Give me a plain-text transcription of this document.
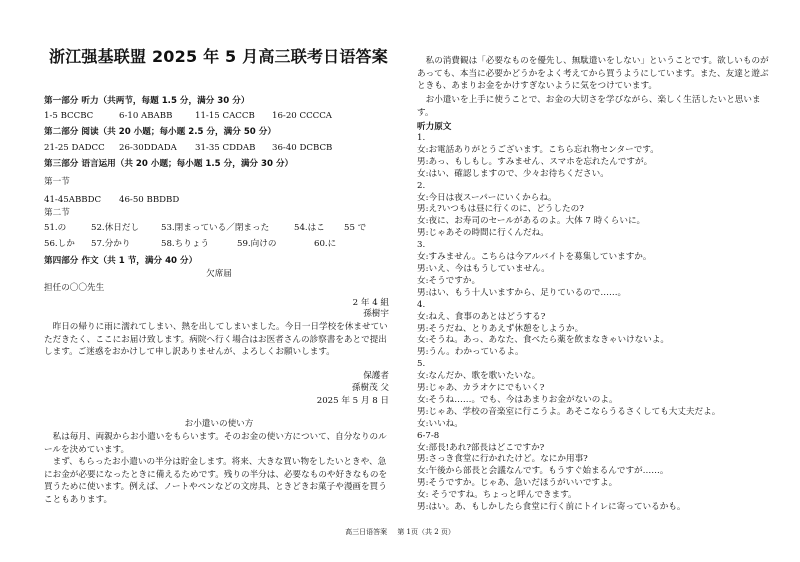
浙江强基联盟 2025 年 5 月高三联考日语答案
第一部分 听力（共两节，每题 1.5 分，满分 30 分）
1-5 BCCBC	6-10 ABABB	11-15 CACCB 16-20 CCCCA
第二部分 阅读（共 20 小题；每小题 2.5 分，满分 50 分）
21-25 DADCC 26-30DDADA 31-35 CDDAB 36-40 DCBCB
第三部分 语言运用（共 20 小题；每小题 1.5 分，满分 30 分）
第一节
41-45ABBDC 46-50 BBDBD
第二节
51.の	52.休日だし	53.閉まっている／閉まった	54.はこ 55 で
56.しか 57.分かり	58.ちりょう	59.向けの	60.に
第四部分 作文（共 1 节，满分 40 分）
欠席届
担任の〇〇先生
2 年 4 組
孫樹宇

昨日の帰りに雨に濡れてしまい、熱を出してしまいました。今日一日学校を休ませていただきたく、ここにお届け致します。病院へ行く場合はお医者さんの診察書をあとで提出します。ご迷惑をおかけして申し訳ありませんが、よろしくお願いします。

保護者
孫樹茂 父
2025 年 5 月 8 日
お小遣いの使い方

私は毎月、両親からお小遣いをもらいます。そのお金の使い方について、自分なりのルールを決めています。

まず、もらったお小遣いの半分は貯金します。将来、大きな買い物をしたいときや、急にお金が必要になったときに備えるためです。残りの半分は、必要なものや好きなものを買うために使います。例えば、ノートやペンなどの文房具、ときどきお菓子や漫画を買うこともあります。

私の消費観は「必要なものを優先し、無駄遣いをしない」ということです。欲しいものがあっても、本当に必要かどうかをよく考えてから買うようにしています。また、友達と遊ぶときも、あまりお金をかけすぎないように気をつけています。

お小遣いを上手に使うことで、お金の大切さを学びながら、楽しく生活したいと思います。

听力原文
1.
女:お電話ありがとうございます。こちら忘れ物センターです。
男:あっ、もしもし。すみません、スマホを忘れたんですが。
女:はい、確認しますので、少々お待ちください。
2.
女:今日は夜スーパーにいくからね。
男:え?いつもは昼に行くのに、どうしたの?
女:夜に、お寿司のセールがあるのよ。大体 7 時くらいに。
男:じゃあその時間に行くんだね。
3.
女:すみません。こちらは今アルバイトを募集していますか。
男:いえ、今はもうしていません。
女:そうですか。
男:はい、もう十人いますから、足りているので……。
4.
女:ねえ、食事のあとはどうする?
男:そうだね、とりあえず休憩をしようか。
女:そうね。あっ、あなた、食べたら薬を飲まなきゃいけないよ。
男:うん。わかっているよ。
5.
女:なんだか、歌を歌いたいな。
男:じゃあ、カラオケにでもいく?
女:そうね……。でも、今はあまりお金がないのよ。
男:じゃあ、学校の音楽室に行こうよ。あそこならうるさくしても大丈夫だよ。
女:いいね。
6-7-8
女:部長!あれ?部長はどこですか?
男:さっき食堂に行かれたけど。なにか用事?
女:午後から部長と会議なんです。もうすぐ始まるんですが……。
男:そうですか。じゃあ、急いだほうがいいですよ。
女: そうですね。ちょっと呼んできます。
男:はい。あ、もしかしたら食堂に行く前にトイレに寄っているかも。
高三日语答案 第 1页（共 2 页）
